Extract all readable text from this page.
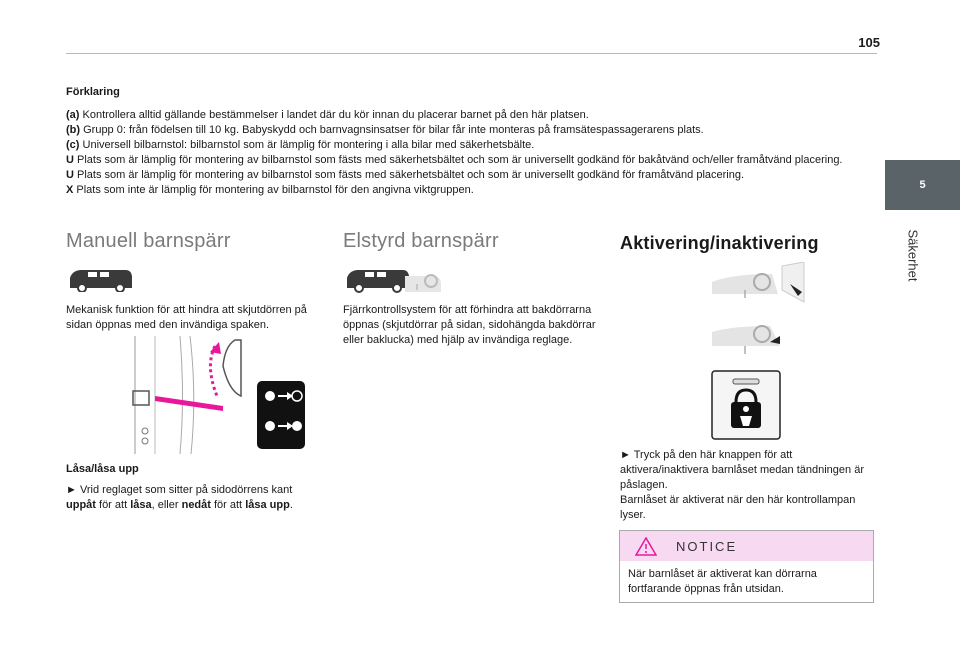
105
5
Säkerhet
Förklaring

(a) Kontrollera alltid gällande bestämmelser i landet där du kör innan du placerar barnet på den här platsen.

(b) Grupp 0: från födelsen till 10 kg. Babyskydd och barnvagnsinsatser för bilar får inte monteras på framsätespassagerarens plats.

(c) Universell bilbarnstol: bilbarnstol som är lämplig för montering i alla bilar med säkerhetsbälte.

U Plats som är lämplig för montering av bilbarnstol som fästs med säkerhetsbältet och som är universellt godkänd för bakåtvänd och/eller framåtvänd placering.

U Plats som är lämplig för montering av bilbarnstol som fästs med säkerhetsbältet och som är universellt godkänd för framåtvänd placering.

X Plats som inte är lämplig för montering av bilbarnstol för den angivna viktgruppen.

Manuell barnspärr
Mekanisk funktion för att hindra att skjutdörren på sidan öppnas med den invändiga spaken.
Låsa/låsa upp
► Vrid reglaget som sitter på sidodörrens kant uppåt för att låsa, eller nedåt för att låsa upp.
Elstyrd barnspärr
Fjärrkontrollsystem för att förhindra att bakdörrarna öppnas (skjutdörrar på sidan, sidohängda bakdörrar eller baklucka) med hjälp av invändiga reglage.
Aktivering/inaktivering

► Tryck på den här knappen för att aktivera/inaktivera barnlåset medan tändningen är påslagen.

Barnlåset är aktiverat när den här kontrollampan lyser.

NOTICE
När barnlåset är aktiverat kan dörrarna fortfarande öppnas från utsidan.
